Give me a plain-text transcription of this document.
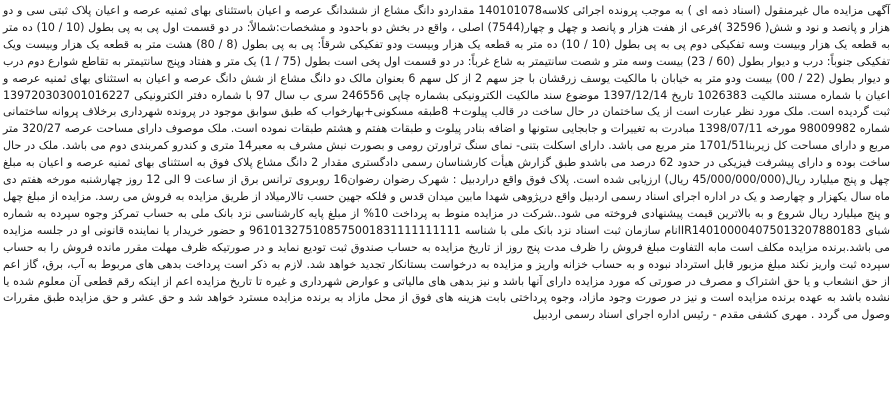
آگهی مزایده مال غیرمنقول (اسناد ذمه ای ) به موجب پرونده اجرائی کلاسه140101078 مقداردو دانگ مشاع از ششدانگ عرصه و اعیان باستثنای بهای ثمنیه عرصه و اعیان پلاک ثبتی سی و دو هزار و پانصد و نود و شش( 32596 )فرعی از هفت هزار و پانصد و چهل و چهار(7544) اصلی ، واقع در بخش دو باحدود و مشخصات:شمالاً: در دو قسمت اول پی به پی بطول (10 / 10) ده متر به قطعه یک هزار وبیست وسه تفکیکی دوم پی به پی بطول (10 / 10) ده متر به قطعه یک هزار وبیست ودو تفکیکی شرقاً: پی به پی بطول (8 / 80) هشت متر به قطعه یک هزار وبیست ویک تفکیکی جنوباً: درب و دیوار بطول (60 / 23) بیست وسه متر و شصت سانتیمتر به شاع غرباً: در دو قسمت اول پخی است بطول (75 / 1) یک متر و هفتاد وپنج سانتیمتر به تقاطع شوارع دوم درب و دیوار بطول (22 / 00) بیست ودو متر به خیابان با مالکیت یوسف زرقشان با جز سهم 2 از کل سهم 6 بعنوان مالک دو دانگ مشاع از شش دانگ عرصه و اعیان به استثنای بهای ثمنیه عرصه و اعیان با شماره مستند مالکیت 1026383 تاریخ 1397/12/14 موضوع سند مالکیت الکترونیکی بشماره چاپی 246556 سری ب سال 97 با شماره دفتر الکترونیکی 139720303001016227 ثبت گردیده است. ملک مورد نظر عبارت است از یک ساختمان در حال ساخت در قالب پیلوت+ 8طبقه مسکونی+بهارخواب که طبق سوابق موجود در پرونده شهرداری برخلاف پروانه ساختمانی شماره 98009982 مورخه 1398/07/11 مبادرت به تغییرات و جابجایی ستونها و اضافه بنادر پیلوت و طبقات هفتم و هشتم طبقات نموده است. ملک موصوف دارای مساحت عرصه 320/27 متر مربع و دارای مساحت کل زیربنا1701/51 متر مربع می باشد. دارای اسکلت بتنی- نمای سنگ تراورتن رومی و بصورت نبش مشرف به معبر14 متری و کندرو کمربندی دوم می باشد. ملک در حال ساخت بوده و دارای پیشرفت فیزیکی در حدود 62 درصد می باشدو طبق گزارش هیأت کارشناسان رسمی دادگستری مقدار 2 دانگ مشاع پلاک فوق به استثنای بهای ثمنیه عرصه و اعیان به مبلغ چهل و پنج میلیارد ریال(45/000/000/000 ریال) ارزیابی شده است. پلاک فوق واقع دراردبیل : شهرک رضوان رضوان16 روبروی ترانس برق از ساعت 9 الی 12 روز چهارشنبه مورخه هفتم دی ماه سال یکهزار و چهارصد و یک در اداره اجرای اسناد رسمی اردبیل واقع درپژوهی شهدا مابین میدان قدس و فلکه جهین حسب تالارمیلاد از طریق مزایده به فروش می رسد. مزایده از مبلغ چهل و پنج میلیارد ریال شروع و به بالاترین قیمت پیشنهادی فروخته می شود..شرکت در مزایده منوط به پرداخت 10% از مبلغ پایه کارشناسی نزد بانک ملی به حساب تمرکز وجوه سپرده به شماره شبای IR140100004075013207880183انام سازمان ثبت اسناد نزد بانک ملی با شناسه 961013275108575001831111111111 و حضور خریدار یا نماینده قانونی او در جلسه مزایده می باشد.برنده مزایده مکلف است مابه التفاوت مبلغ فروش را ظرف مدت پنج روز از تاریخ مزایده به حساب صندوق ثبت تودیع نماید و در صورتیکه ظرف مهلت مقرر مانده فروش را به حساب سپرده ثبت واریز نکند مبلغ مزبور قابل استرداد نبوده و به حساب خزانه واریز و مزایده به درخواست بستانکار تجدید خواهد شد. لازم به ذکر است پرداخت بدهی های مربوط به آب، برق، گاز اعم از حق انشعاب و یا حق اشتراک و مصرف در صورتی که مورد مزایده دارای آنها باشد و نیز بدهی های مالیاتی و عوارض شهرداری و غیره تا تاریخ مزایده اعم از اینکه رقم قطعی آن معلوم شده یا نشده باشد به عهده برنده مزایده است و نیز در صورت وجود مازاد، وجوه پرداختی بابت هزینه های فوق از محل مازاد به برنده مزایده مسترد خواهد شد و حق عشر و حق مزایده طبق مقررات وصول می گردد . مهری کشفی مقدم - رئیس اداره اجرای اسناد رسمی اردبیل
